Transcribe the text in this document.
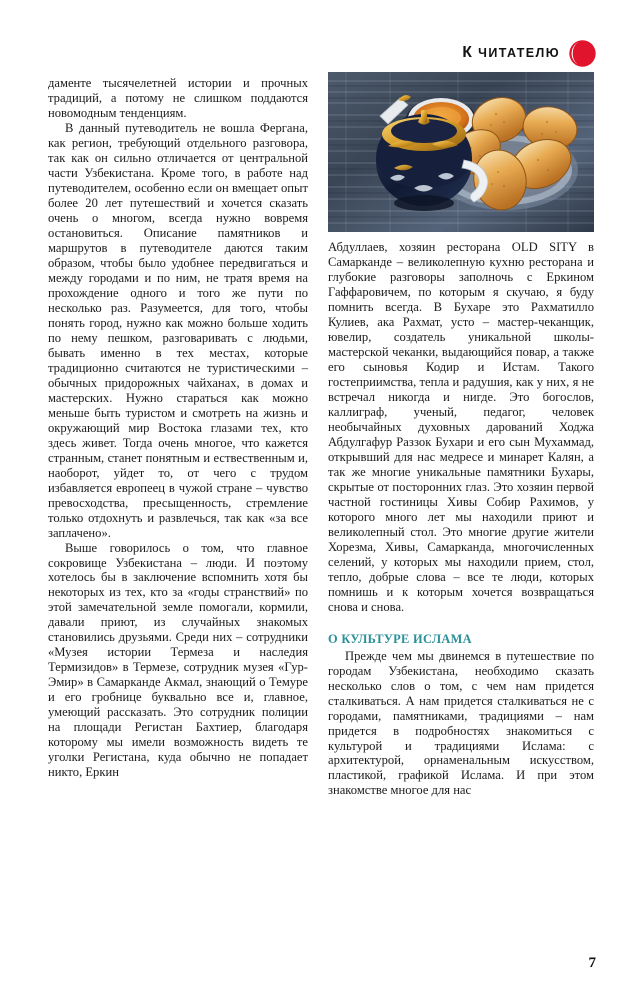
К ЧИТАТЕЛЮ

даменте тысячелетней истории и прочных традиций, а потому не слишком поддаются новомодным тенденциям.

В данный путеводитель не вошла Фергана, как регион, требующий отдельного разговора, так как он сильно отличается от центральной части Узбекистана. Кроме того, в работе над путеводителем, особенно если он вмещает опыт более 20 лет путешествий и хочется сказать очень о многом, всегда нужно вовремя остановиться. Описание памятников и маршрутов в путеводителе даются таким образом, чтобы было удобнее передвигаться и между городами и по ним, не тратя время на прохождение одного и того же пути по несколько раз. Разумеется, для того, чтобы понять город, нужно как можно больше ходить по нему пешком, разговаривать с людьми, бывать именно в тех местах, которые традиционно считаются не туристическими – обычных придорожных чайханах, в домах и мастерских. Нужно стараться как можно меньше быть туристом и смотреть на жизнь и окружающий мир Востока глазами тех, кто здесь живет. Тогда очень многое, что кажется странным, станет понятным и ествественным и, наоборот, уйдет то, от чего с трудом избавляется европеец в чужой стране – чувство превосходства, пресыщенность, стремление только отдохнуть и развлечься, так как «за все заплачено».

Выше говорилось о том, что главное сокровище Узбекистана – люди. И поэтому хотелось бы в заключение вспомнить хотя бы некоторых из тех, кто за «годы странствий» по этой замечательной земле помогали, кормили, давали приют, из случайных знакомых становились друзьями. Среди них – сотрудники «Музея истории Термеза и наследия Термизидов» в Термезе, сотрудник музея «Гур-Эмир» в Самарканде Акмал, знающий о Темуре и его гробнице буквально все и, главное, умеющий рассказать. Это сотрудник полиции на площади Регистан Бахтиер, благодаря которому мы имели возможность видеть те уголки Регистана, куда обычно не попадает никто, Еркин

Абдуллаев, хозяин ресторана OLD SITY в Самарканде – великолепную кухню ресторана и глубокие разговоры заполночь с Еркином Гаффаровичем, по которым я скучаю, я буду помнить всегда. В Бухаре это Рахматилло Кулиев, ака Рахмат, усто – мастер-чеканщик, ювелир, создатель уникальной школы-мастерской чеканки, выдающийся повар, а также его сыновья Кодир и Истам. Такого гостеприимства, тепла и радушия, как у них, я не встречал никогда и нигде. Это богослов, каллиграф, ученый, педагог, человек необычайных духовных дарований Ходжа Абдулгафур Раззок Бухари и его сын Мухаммад, открывший для нас медресе и минарет Калян, а так же многие уникальные памятники Бухары, скрытые от посторонних глаз. Это хозяин первой частной гостиницы Хивы Собир Рахимов, у которого много лет мы находили приют и великолепный стол. Это многие другие жители Хорезма, Хивы, Самарканда, многочисленных селений, у которых мы находили прием, стол, тепло, добрые слова – все те люди, которых помнишь и к которым хочется возвращаться снова и снова.

О КУЛЬТУРЕ ИСЛАМА

Прежде чем мы двинемся в путешествие по городам Узбекистана, необходимо сказать несколько слов о том, с чем нам придется сталкиваться. А нам придется сталкиваться не с городами, памятниками, традициями – нам придется в подробностях знакомиться с культурой и традициями Ислама: с архитектурой, орнаменальным искусством, пластикой, графикой Ислама. И при этом знакомстве многое для нас

7
